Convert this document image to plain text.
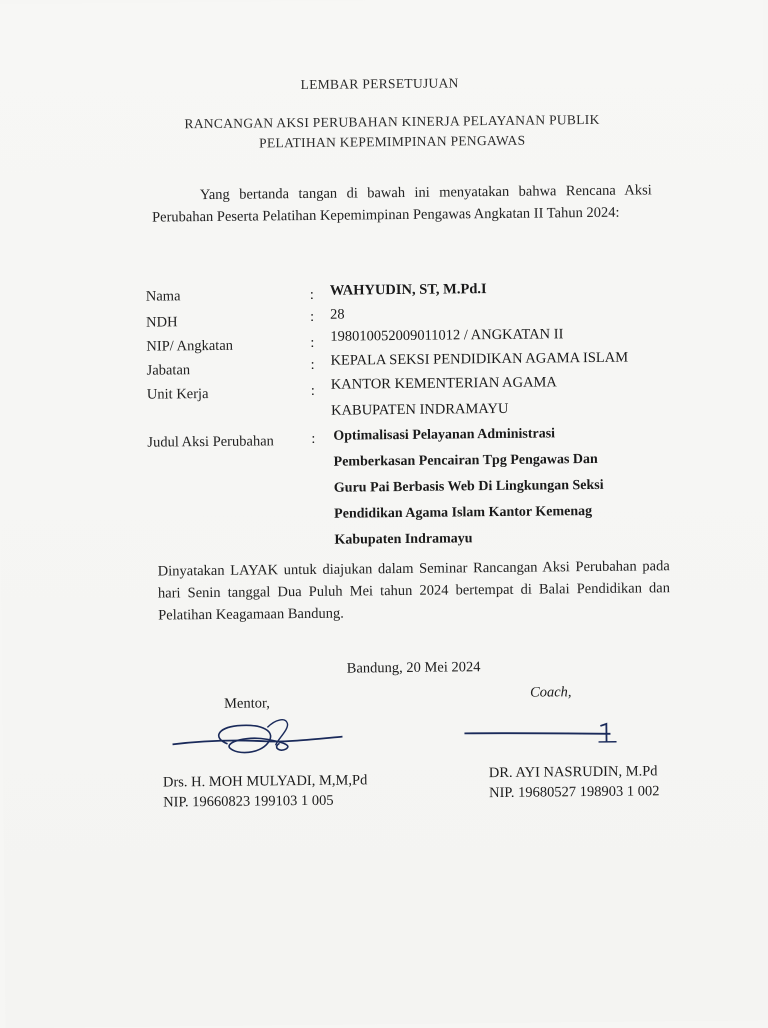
LEMBAR PERSETUJUAN
RANCANGAN AKSI PERUBAHAN KINERJA PELAYANAN PUBLIK
PELATIHAN KEPEMIMPINAN PENGAWAS
Yang bertanda tangan di bawah ini menyatakan bahwa Rencana Aksi Perubahan Peserta Pelatihan Kepemimpinan Pengawas Angkatan II Tahun 2024:
Nama	: WAHYUDIN, ST, M.Pd.I
NDH	: 28
NIP/ Angkatan	: 198010052009011012 / ANGKATAN II
Jabatan	: KEPALA SEKSI PENDIDIKAN AGAMA ISLAM
Unit Kerja	: KANTOR KEMENTERIAN AGAMA
KABUPATEN INDRAMAYU
Judul Aksi Perubahan	: Optimalisasi Pelayanan Administrasi
Pemberkasan Pencairan Tpg Pengawas Dan
Guru Pai Berbasis Web Di Lingkungan Seksi
Pendidikan Agama Islam Kantor Kemenag
Kabupaten Indramayu
Dinyatakan LAYAK untuk diajukan dalam Seminar Rancangan Aksi Perubahan pada hari Senin tanggal Dua Puluh Mei tahun 2024 bertempat di Balai Pendidikan dan Pelatihan Keagamaan Bandung.
Bandung, 20 Mei 2024
Mentor,
Coach,
Drs. H. MOH MULYADI, M,M,Pd
NIP. 19660823 199103 1 005
DR. AYI NASRUDIN, M.Pd
NIP. 19680527 198903 1 002
